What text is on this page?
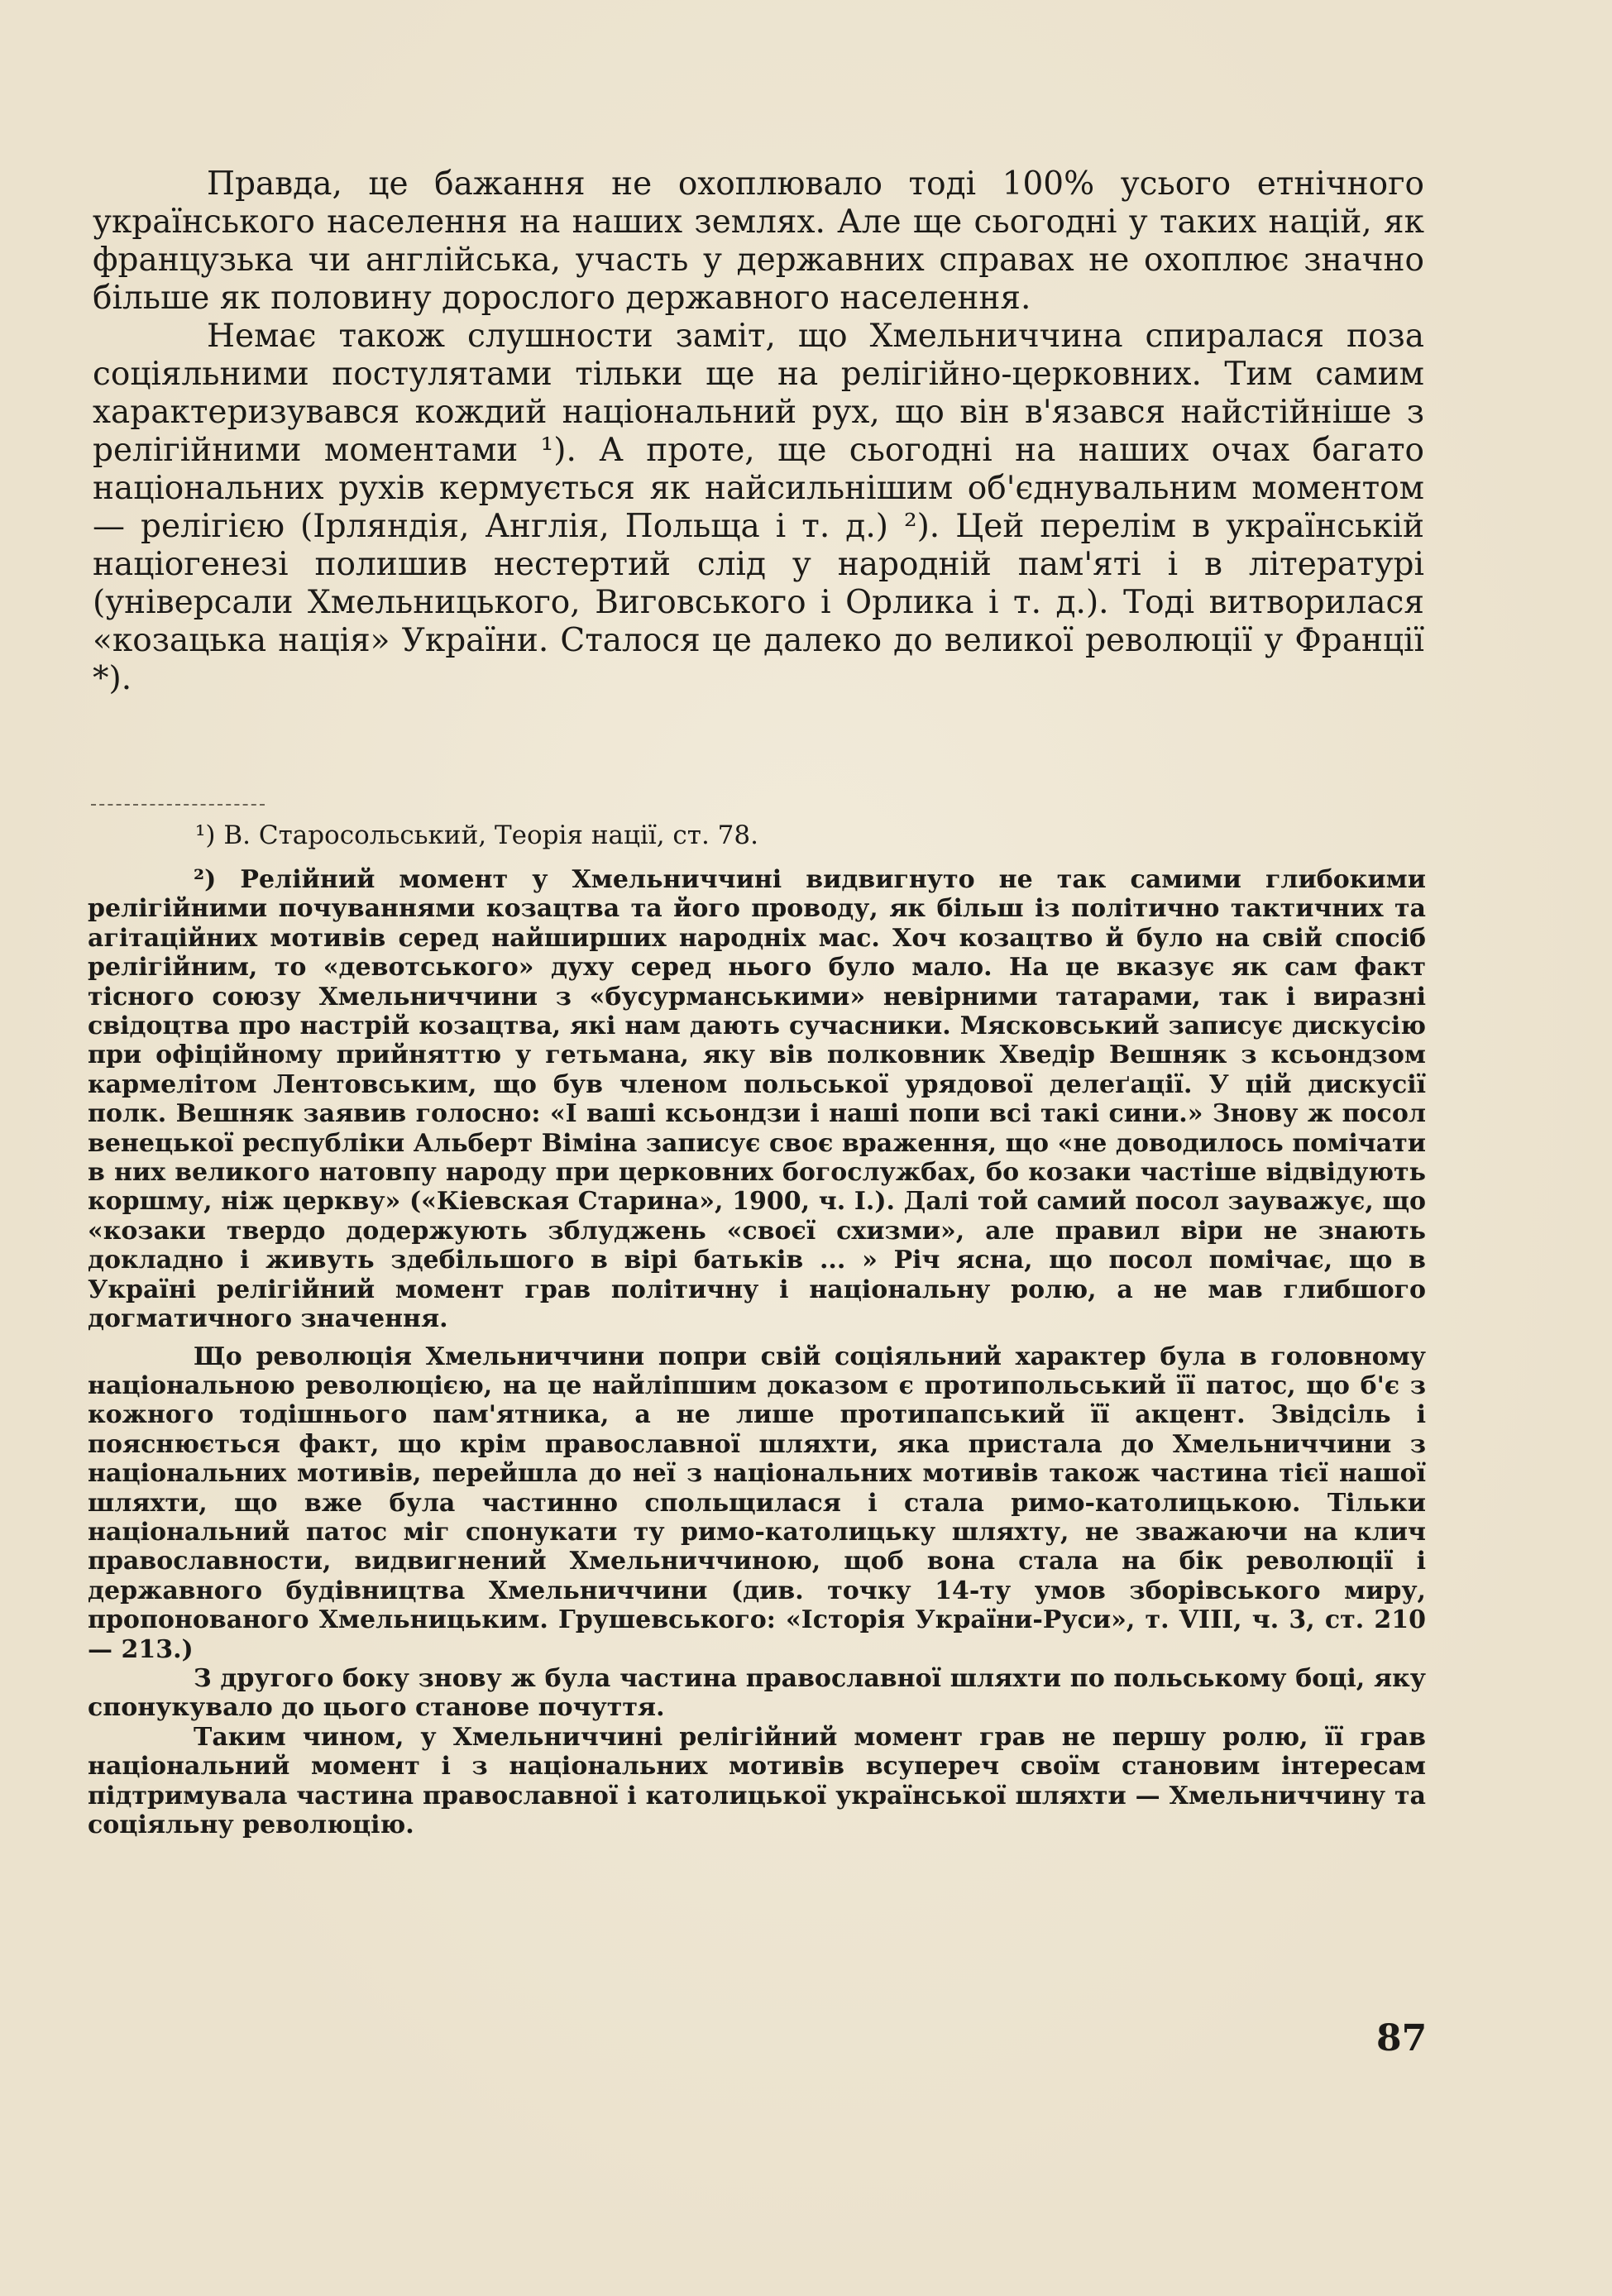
Правда, це бажання не охоплювало тоді 100% усього етнічного українського населення на наших землях. Але ще сьогодні у таких націй, як французька чи англійська, участь у державних справах не охоплює значно більше як половину дорослого державного населення.

Немає також слушности заміт, що Хмельниччина спиралася поза соціяльними постулятами тільки ще на релігійно-церковних. Тим самим характеризувався кождий національний рух, що він в'язався найстійніше з релігійними моментами ¹). А проте, ще сьогодні на наших очах багато національних рухів кермується як найсильнішим об'єднувальним моментом — релігією (Ірляндія, Англія, Польща і т. д.) ²). Цей перелім в українській націогенезі полишив нестертий слід у народній пам'яті і в літературі (універсали Хмельницького, Виговського і Орлика і т. д.). Тоді витворилася «козацька нація» України. Сталося це далеко до великої революції у Франції *).

¹) В. Старосольський, Теорія нації, ст. 78.

²) Релійний момент у Хмельниччині видвигнуто не так самими глибокими релігійними почуваннями козацтва та його проводу, як більш із політично тактичних та агітаційних мотивів серед найширших народніх мас. Хоч козацтво й було на свій спосіб релігійним, то «девотського» духу серед нього було мало. На це вказує як сам факт тісного союзу Хмельниччини з «бусурманськими» невірними татарами, так і виразні свідоцтва про настрій козацтва, які нам дають сучасники. Мясковський записує дискусію при офіційному прийняттю у гетьмана, яку вів полковник Хведір Вешняк з ксьондзом кармелітом Лентовським, що був членом польської урядової делеґації. У цій дискусії полк. Вешняк заявив голосно: «І ваші ксьондзи і наші попи всі такі сини.» Знову ж посол венецької республіки Альберт Віміна записує своє враження, що «не доводилось помічати в них великого натовпу народу при церковних богослужбах, бо козаки частіше відвідують коршму, ніж церкву» («Кіевская Старина», 1900, ч. І.). Далі той самий посол зауважує, що «козаки твердо додержують зблуджень «своєї схизми», але правил віри не знають докладно і живуть здебільшого в вірі батьків ... » Річ ясна, що посол помічає, що в Україні релігійний момент грав політичну і національну ролю, а не мав глибшого догматичного значення.

Що революція Хмельниччини попри свій соціяльний характер була в головному національною революцією, на це найліпшим доказом є протипольський її патос, що б'є з кожного тодішнього пам'ятника, а не лише протипапський її акцент. Звідсіль і пояснюється факт, що крім православної шляхти, яка пристала до Хмельниччини з національних мотивів, перейшла до неї з національних мотивів також частина тієї нашої шляхти, що вже була частинно спольщилася і стала римо-католицькою. Тільки національний патос міг спонукати ту римо-католицьку шляхту, не зважаючи на клич православности, видвигнений Хмельниччиною, щоб вона стала на бік революції і державного будівництва Хмельниччини (див. точку 14-ту умов зборівського миру, пропонованого Хмельницьким. Грушевського: «Історія України-Руси», т. VIII, ч. 3, ст. 210 — 213.)

З другого боку знову ж була частина православної шляхти по польському боці, яку спонукувало до цього станове почуття.

Таким чином, у Хмельниччині релігійний момент грав не першу ролю, її грав національний момент і з національних мотивів всупереч своїм становим інтересам підтримувала частина православної і католицької української шляхти — Хмельниччину та соціяльну революцію.

87
